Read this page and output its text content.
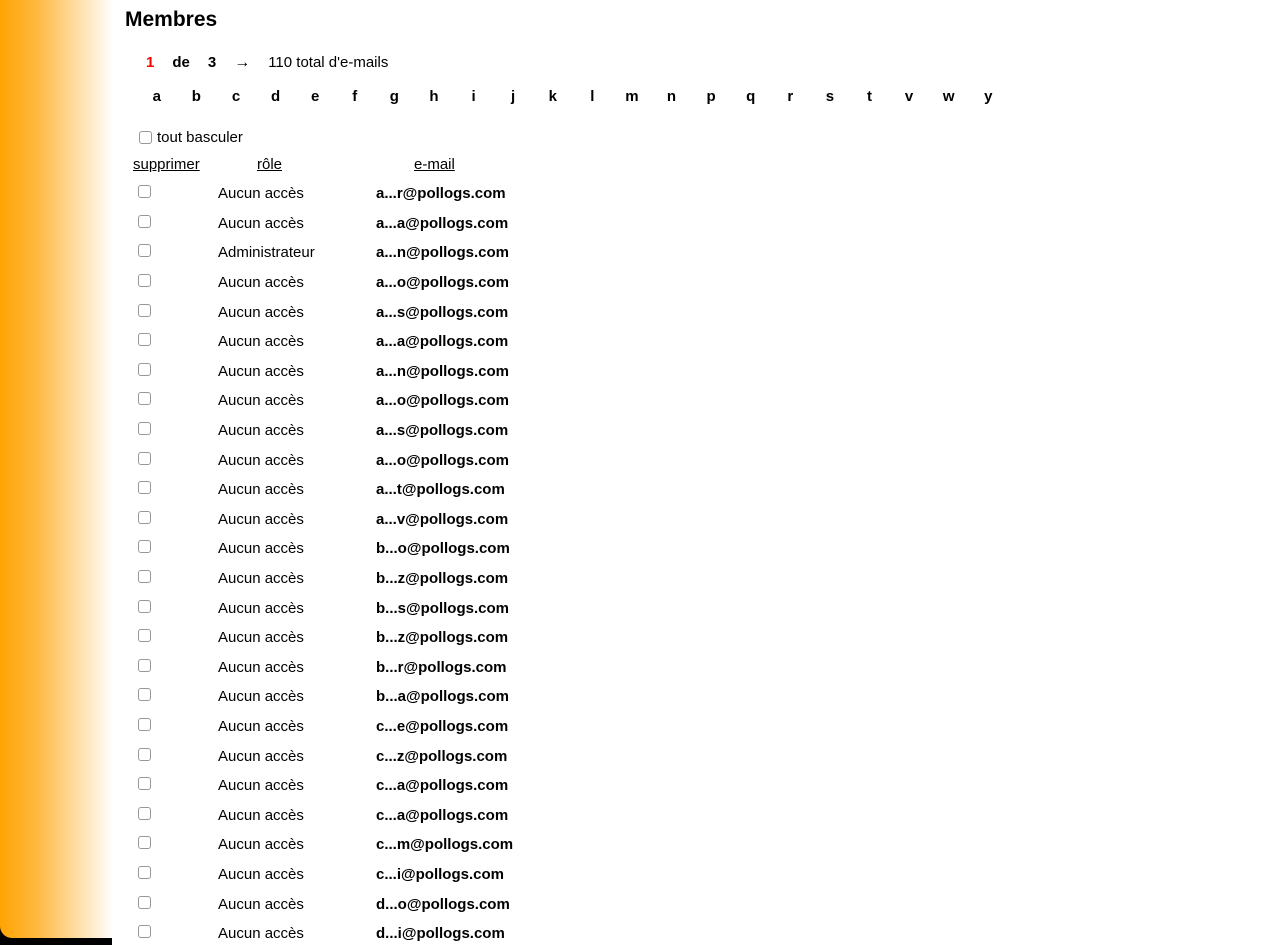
Membres
1 de 3 → 110 total d'e-mails
a	b	c	d	e	f	g	h	i	j	k	l	m	n	p	q	r	s	t	v	w	y
tout basculer
supprimer	rôle	e-mail
Aucun accès	a...r@pollogs.com
Aucun accès	a...a@pollogs.com
Administrateur	a...n@pollogs.com
Aucun accès	a...o@pollogs.com
Aucun accès	a...s@pollogs.com
Aucun accès	a...a@pollogs.com
Aucun accès	a...n@pollogs.com
Aucun accès	a...o@pollogs.com
Aucun accès	a...s@pollogs.com
Aucun accès	a...o@pollogs.com
Aucun accès	a...t@pollogs.com
Aucun accès	a...v@pollogs.com
Aucun accès	b...o@pollogs.com
Aucun accès	b...z@pollogs.com
Aucun accès	b...s@pollogs.com
Aucun accès	b...z@pollogs.com
Aucun accès	b...r@pollogs.com
Aucun accès	b...a@pollogs.com
Aucun accès	c...e@pollogs.com
Aucun accès	c...z@pollogs.com
Aucun accès	c...a@pollogs.com
Aucun accès	c...a@pollogs.com
Aucun accès	c...m@pollogs.com
Aucun accès	c...i@pollogs.com
Aucun accès	d...o@pollogs.com
Aucun accès	d...i@pollogs.com
